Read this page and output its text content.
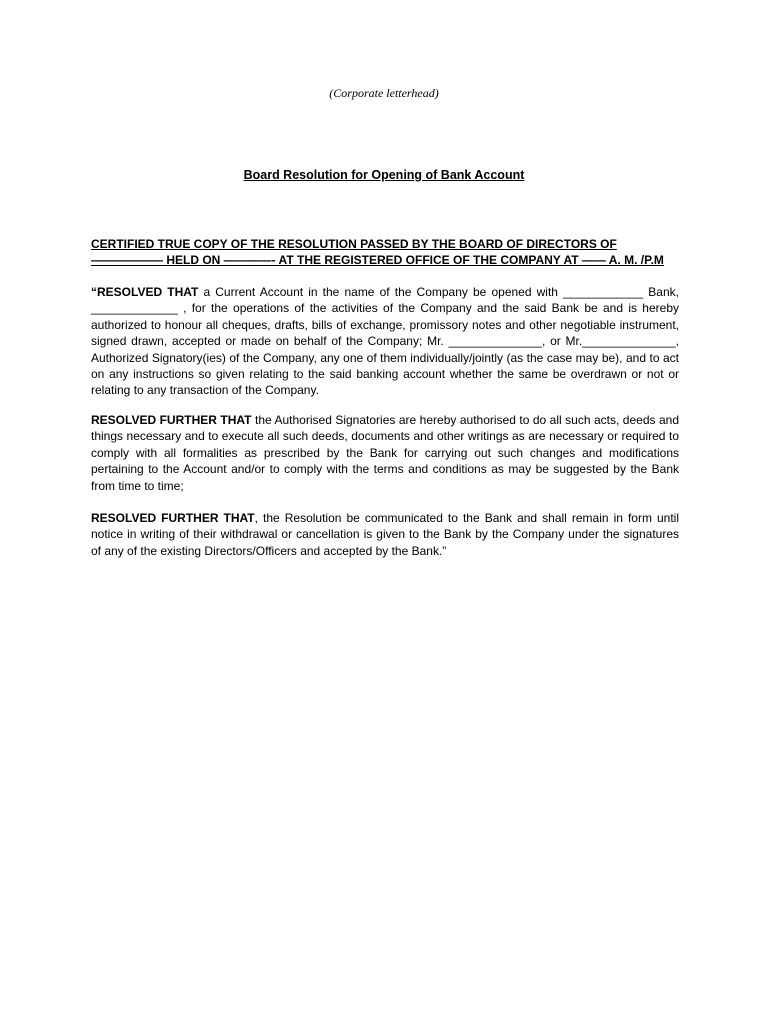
(Corporate letterhead)
Board Resolution for Opening of Bank Account
CERTIFIED TRUE COPY OF THE RESOLUTION PASSED BY THE BOARD OF DIRECTORS OF —————— HELD ON ————- AT THE REGISTERED OFFICE OF THE COMPANY AT —— A. M. /P.M
“RESOLVED THAT a Current Account in the name of the Company be opened with ____________ Bank, _____________ , for the operations of the activities of the Company and the said Bank be and is hereby authorized to honour all cheques, drafts, bills of exchange, promissory notes and other negotiable instrument, signed drawn, accepted or made on behalf of the Company; Mr. ______________, or Mr.______________, Authorized Signatory(ies) of the Company, any one of them individually/jointly (as the case may be), and to act on any instructions so given relating to the said banking account whether the same be overdrawn or not or relating to any transaction of the Company.
RESOLVED FURTHER THAT the Authorised Signatories are hereby authorised to do all such acts, deeds and things necessary and to execute all such deeds, documents and other writings as are necessary or required to comply with all formalities as prescribed by the Bank for carrying out such changes and modifications pertaining to the Account and/or to comply with the terms and conditions as may be suggested by the Bank from time to time;
RESOLVED FURTHER THAT, the Resolution be communicated to the Bank and shall remain in form until notice in writing of their withdrawal or cancellation is given to the Bank by the Company under the signatures of any of the existing Directors/Officers and accepted by the Bank.”
